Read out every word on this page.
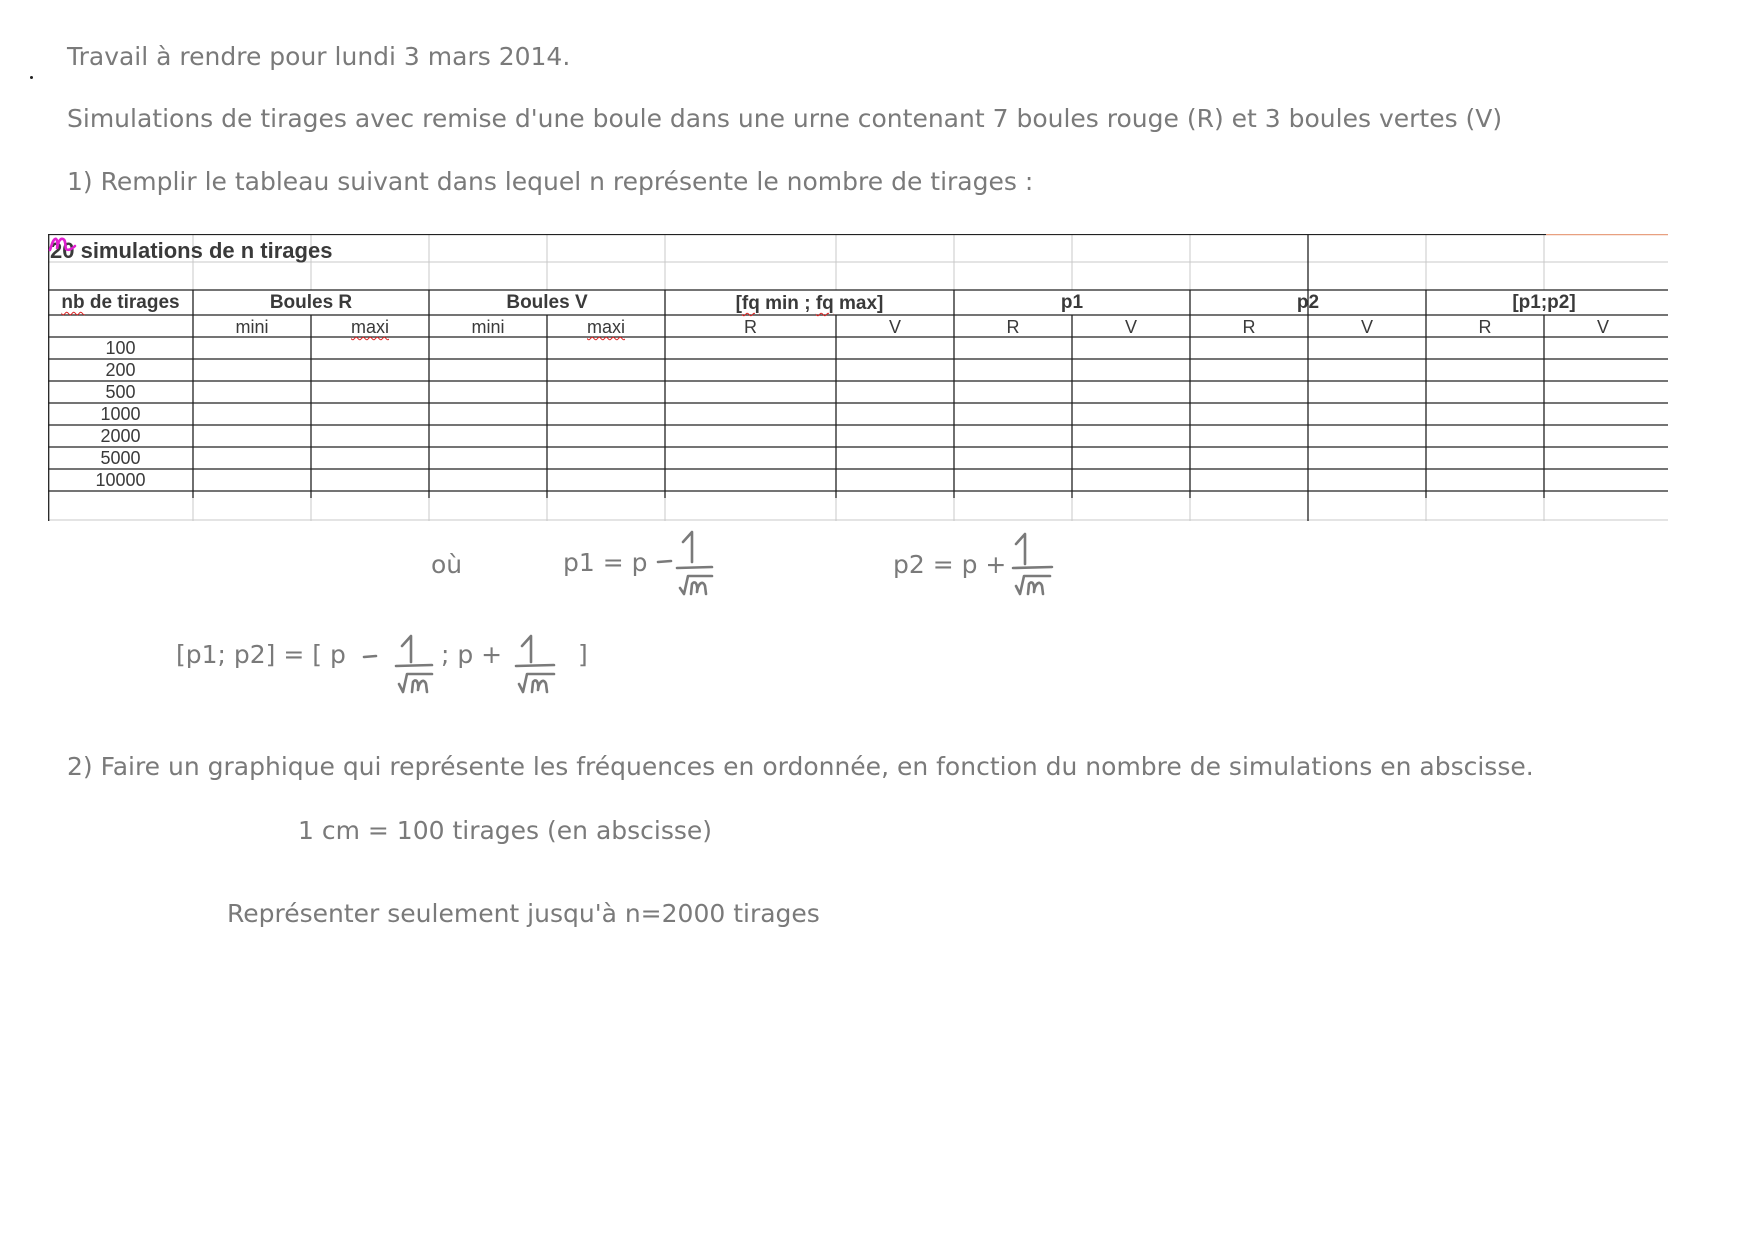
Travail à rendre pour lundi 3 mars 2014.
Simulations de tirages avec remise d'une boule dans une urne contenant 7 boules rouge (R) et 3 boules vertes (V)
1) Remplir le tableau suivant dans lequel n représente le nombre de tirages :
20 simulations de n tirages
nb de tirages	Boules R	Boules V	[fq min ; fq max]	p1	p2	[p1;p2]
mini	maxi	mini	maxi	R	V	R	V	R	V	R	V
100
200
500
1000
2000
5000
10000
où	p1 = p	p2 = p +
[p1; p2] = [ p	; p +	]
2) Faire un graphique qui représente les fréquences en ordonnée, en fonction du nombre de simulations en abscisse.
1 cm = 100 tirages (en abscisse)
Représenter seulement jusqu'à n=2000 tirages
